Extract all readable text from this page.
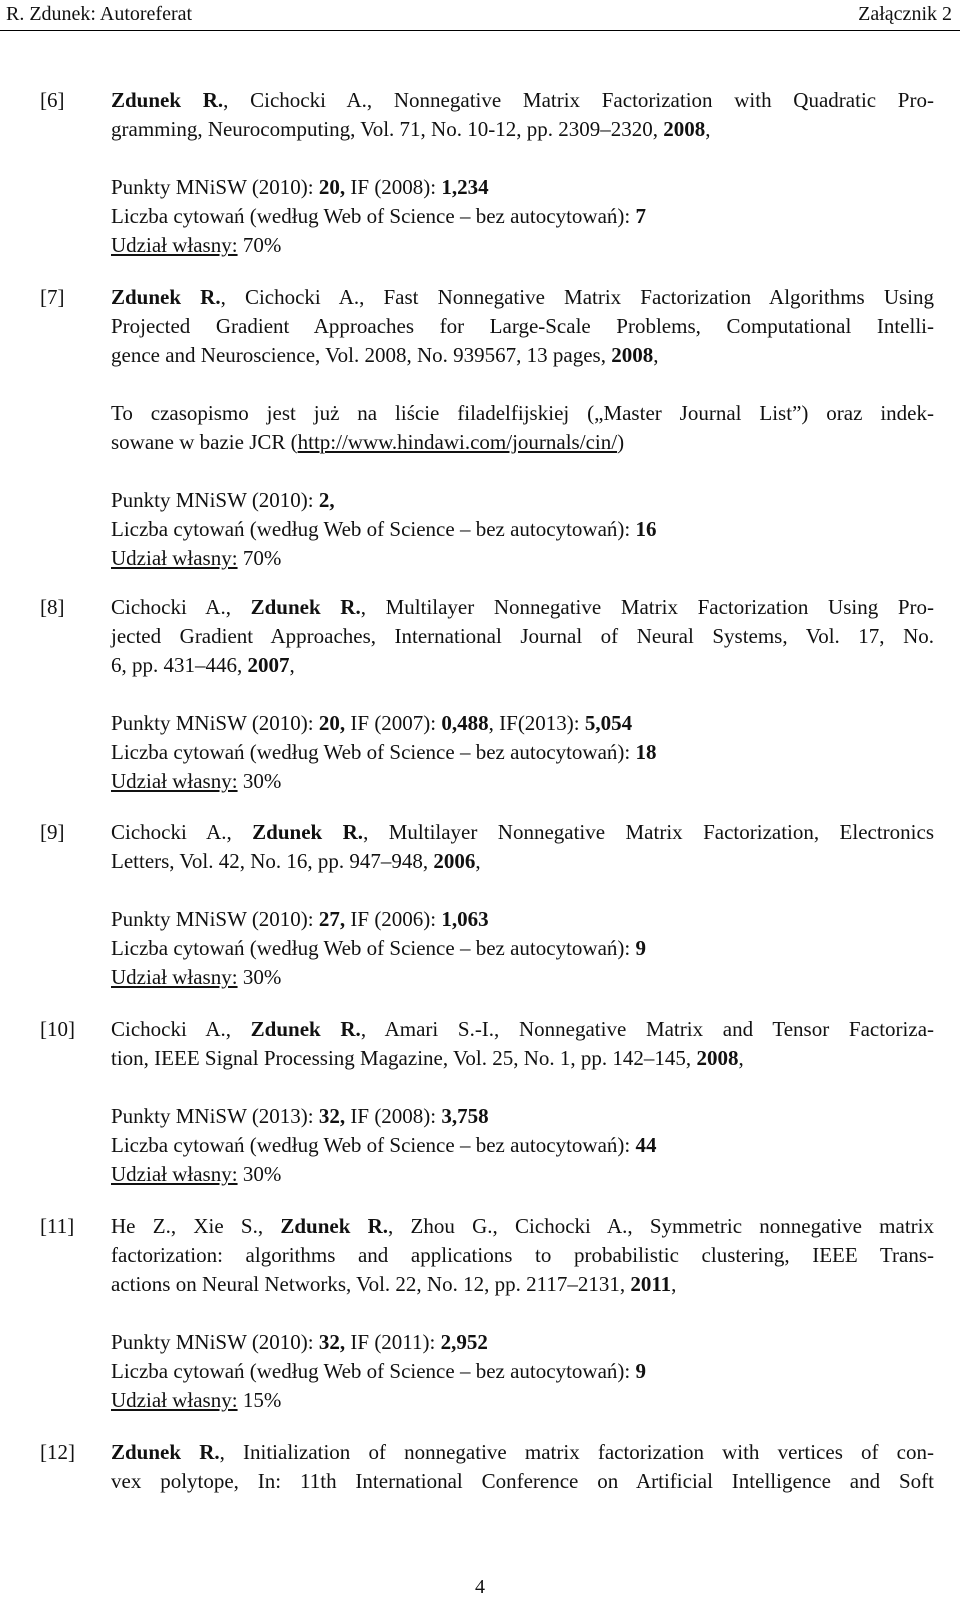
R. Zdunek: Autoreferat	Załącznik 2
[6] Zdunek R., Cichocki A., Nonnegative Matrix Factorization with Quadratic Pro-
gramming, Neurocomputing, Vol. 71, No. 10-12, pp. 2309–2320, 2008,
Punkty MNiSW (2010): 20, IF (2008): 1,234
Liczba cytowań (według Web of Science – bez autocytowań): 7
Udział własny: 70%
[7] Zdunek R., Cichocki A., Fast Nonnegative Matrix Factorization Algorithms Using
Projected Gradient Approaches for Large-Scale Problems, Computational Intelli-
gence and Neuroscience, Vol. 2008, No. 939567, 13 pages, 2008,
To czasopismo jest już na liście filadelfijskiej („Master Journal List”) oraz indek-
sowane w bazie JCR (http://www.hindawi.com/journals/cin/)
Punkty MNiSW (2010): 2,
Liczba cytowań (według Web of Science – bez autocytowań): 16
Udział własny: 70%
[8] Cichocki A., Zdunek R., Multilayer Nonnegative Matrix Factorization Using Pro-
jected Gradient Approaches, International Journal of Neural Systems, Vol. 17, No.
6, pp. 431–446, 2007,
Punkty MNiSW (2010): 20, IF (2007): 0,488, IF(2013): 5,054
Liczba cytowań (według Web of Science – bez autocytowań): 18
Udział własny: 30%
[9] Cichocki A., Zdunek R., Multilayer Nonnegative Matrix Factorization, Electronics
Letters, Vol. 42, No. 16, pp. 947–948, 2006,
Punkty MNiSW (2010): 27, IF (2006): 1,063
Liczba cytowań (według Web of Science – bez autocytowań): 9
Udział własny: 30%
[10] Cichocki A., Zdunek R., Amari S.-I., Nonnegative Matrix and Tensor Factoriza-
tion, IEEE Signal Processing Magazine, Vol. 25, No. 1, pp. 142–145, 2008,
Punkty MNiSW (2013): 32, IF (2008): 3,758
Liczba cytowań (według Web of Science – bez autocytowań): 44
Udział własny: 30%
[11] He Z., Xie S., Zdunek R., Zhou G., Cichocki A., Symmetric nonnegative matrix
factorization: algorithms and applications to probabilistic clustering, IEEE Trans-
actions on Neural Networks, Vol. 22, No. 12, pp. 2117–2131, 2011,
Punkty MNiSW (2010): 32, IF (2011): 2,952
Liczba cytowań (według Web of Science – bez autocytowań): 9
Udział własny: 15%
[12] Zdunek R., Initialization of nonnegative matrix factorization with vertices of con-
vex polytope, In: 11th International Conference on Artificial Intelligence and Soft
4
